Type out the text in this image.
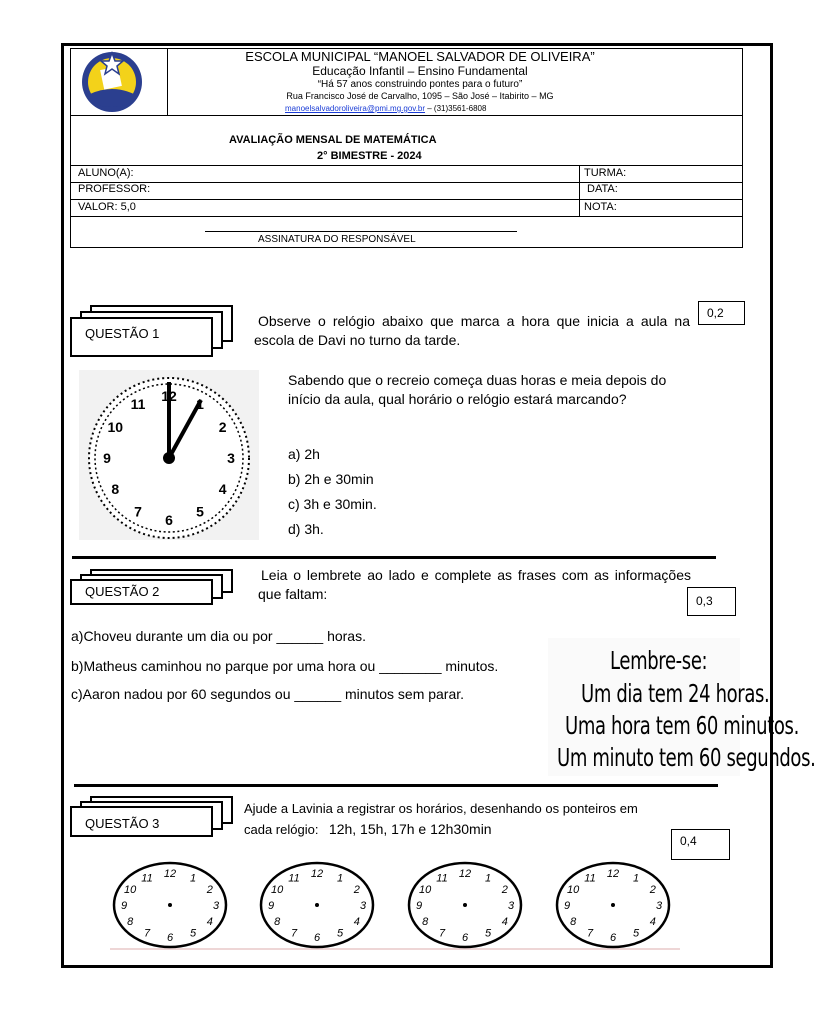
ESCOLA MUNICIPAL “MANOEL SALVADOR DE OLIVEIRA”
Educação Infantil – Ensino Fundamental
“Há 57 anos construindo pontes para o futuro”
Rua Francisco José de Carvalho, 1095 – São José – Itabirito – MG
manoelsalvadoroliveira@pmi.mg.gov.br – (31)3561-6808
AVALIAÇÃO MENSAL DE MATEMÁTICA
2° BIMESTRE - 2024
ALUNO(A):	TURMA:
PROFESSOR:	DATA:
VALOR: 5,0	NOTA:
ASSINATURA DO RESPONSÁVEL
QUESTÃO 1
0,2
Observe o relógio abaixo que marca a hora que inicia a aula na escola de Davi no turno da tarde.
12
1
2
3
4
5
6
7
8
9
10
11
Sabendo que o recreio começa duas horas e meia depois do início da aula, qual horário o relógio estará marcando?
a) 2h
b) 2h e 30min
c) 3h e 30min.
d) 3h.
QUESTÃO 2
Leia o lembrete ao lado e complete as frases com as informações que faltam:	0,3
a)Choveu durante um dia ou por ______ horas.
b)Matheus caminhou no parque por uma hora ou ________ minutos.
c)Aaron nadou por 60 segundos ou ______ minutos sem parar.
Lembre-se:
Um dia tem 24 horas.
Uma hora tem 60 minutos.
Um minuto tem 60 segundos.
QUESTÃO 3
Ajude a Lavinia a registrar os horários, desenhando os ponteiros em
cada relógio: 12h, 15h, 17h e 12h30min
0,4
12 1
2
3
4
5
6
7
8
9
10
11	12 1
2
3
4
5
6
7
8
9
10
11	12 1
2
3
4
5
6
7
8
9
10
11	12 1
2
3
4
5
6
7
8
9
10
11
